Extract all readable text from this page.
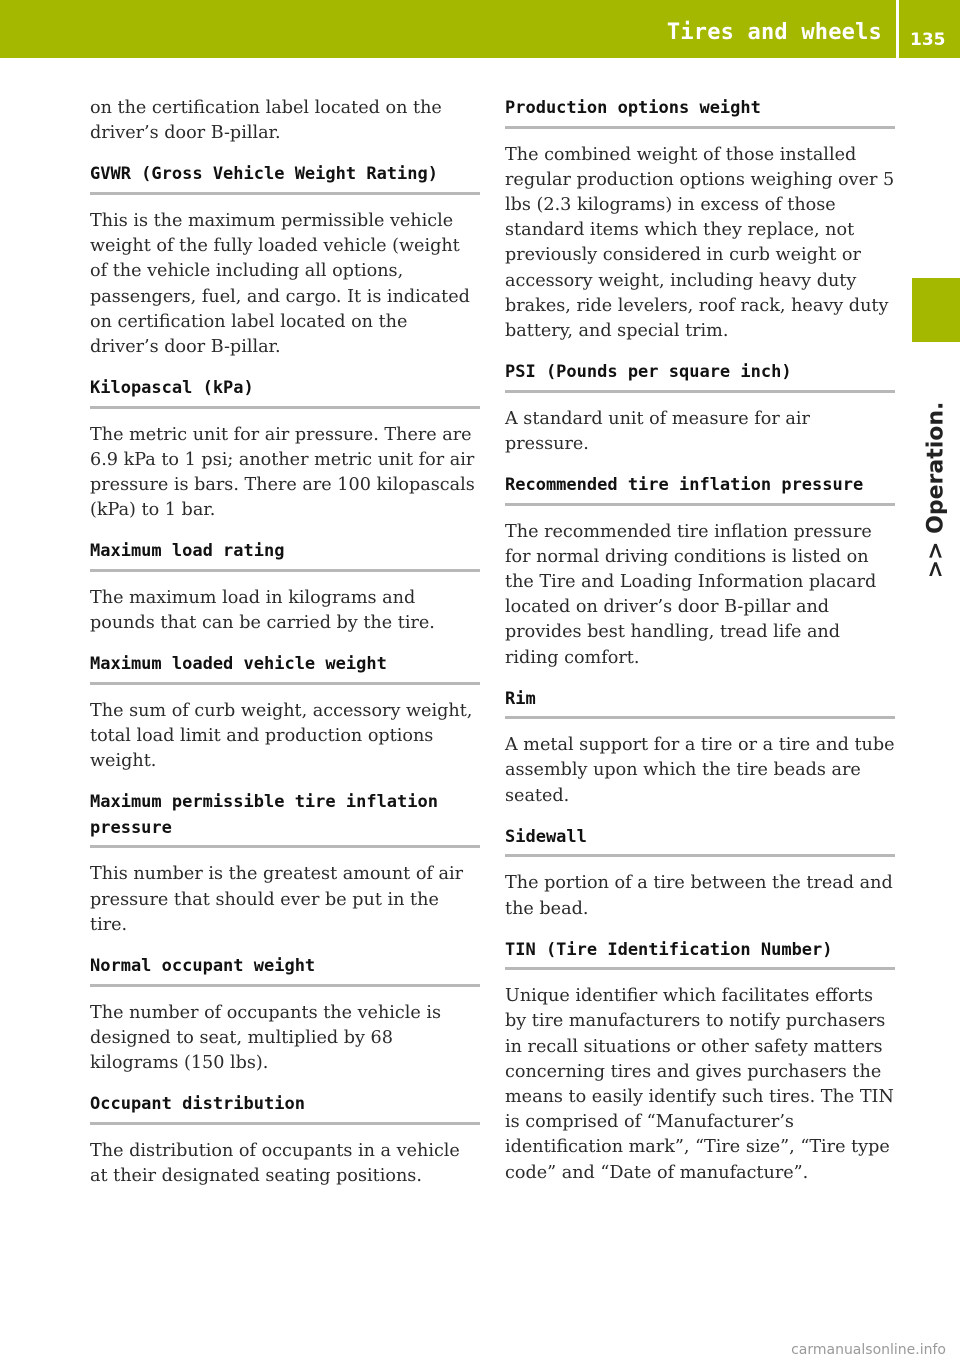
Tires and wheels 135
>> Operation.

on the certification label located on the driver’s door B-pillar.

GVWR (Gross Vehicle Weight Rating)

This is the maximum permissible vehicle weight of the fully loaded vehicle (weight of the vehicle including all options, passengers, fuel, and cargo. It is indicated on certification label located on the driver’s door B-pillar.

Kilopascal (kPa)

The metric unit for air pressure. There are 6.9 kPa to 1 psi; another metric unit for air pressure is bars. There are 100 kilopascals (kPa) to 1 bar.

Maximum load rating

The maximum load in kilograms and pounds that can be carried by the tire.

Maximum loaded vehicle weight

The sum of curb weight, accessory weight, total load limit and production options weight.

Maximum permissible tire inflation pressure

This number is the greatest amount of air pressure that should ever be put in the tire.

Normal occupant weight

The number of occupants the vehicle is designed to seat, multiplied by 68 kilograms (150 lbs).

Occupant distribution

The distribution of occupants in a vehicle at their designated seating positions.

Production options weight

The combined weight of those installed regular production options weighing over 5 lbs (2.3 kilograms) in excess of those standard items which they replace, not previously considered in curb weight or accessory weight, including heavy duty brakes, ride levelers, roof rack, heavy duty battery, and special trim.

PSI (Pounds per square inch)

A standard unit of measure for air pressure.

Recommended tire inflation pressure

The recommended tire inflation pressure for normal driving conditions is listed on the Tire and Loading Information placard located on driver’s door B-pillar and provides best handling, tread life and riding comfort.

Rim

A metal support for a tire or a tire and tube assembly upon which the tire beads are seated.

Sidewall

The portion of a tire between the tread and the bead.

TIN (Tire Identification Number)

Unique identifier which facilitates efforts by tire manufacturers to notify purchasers in recall situations or other safety matters concerning tires and gives purchasers the means to easily identify such tires. The TIN is comprised of “Manufacturer’s identification mark”, “Tire size”, “Tire type code” and “Date of manufacture”.

carmanualsonline.info
